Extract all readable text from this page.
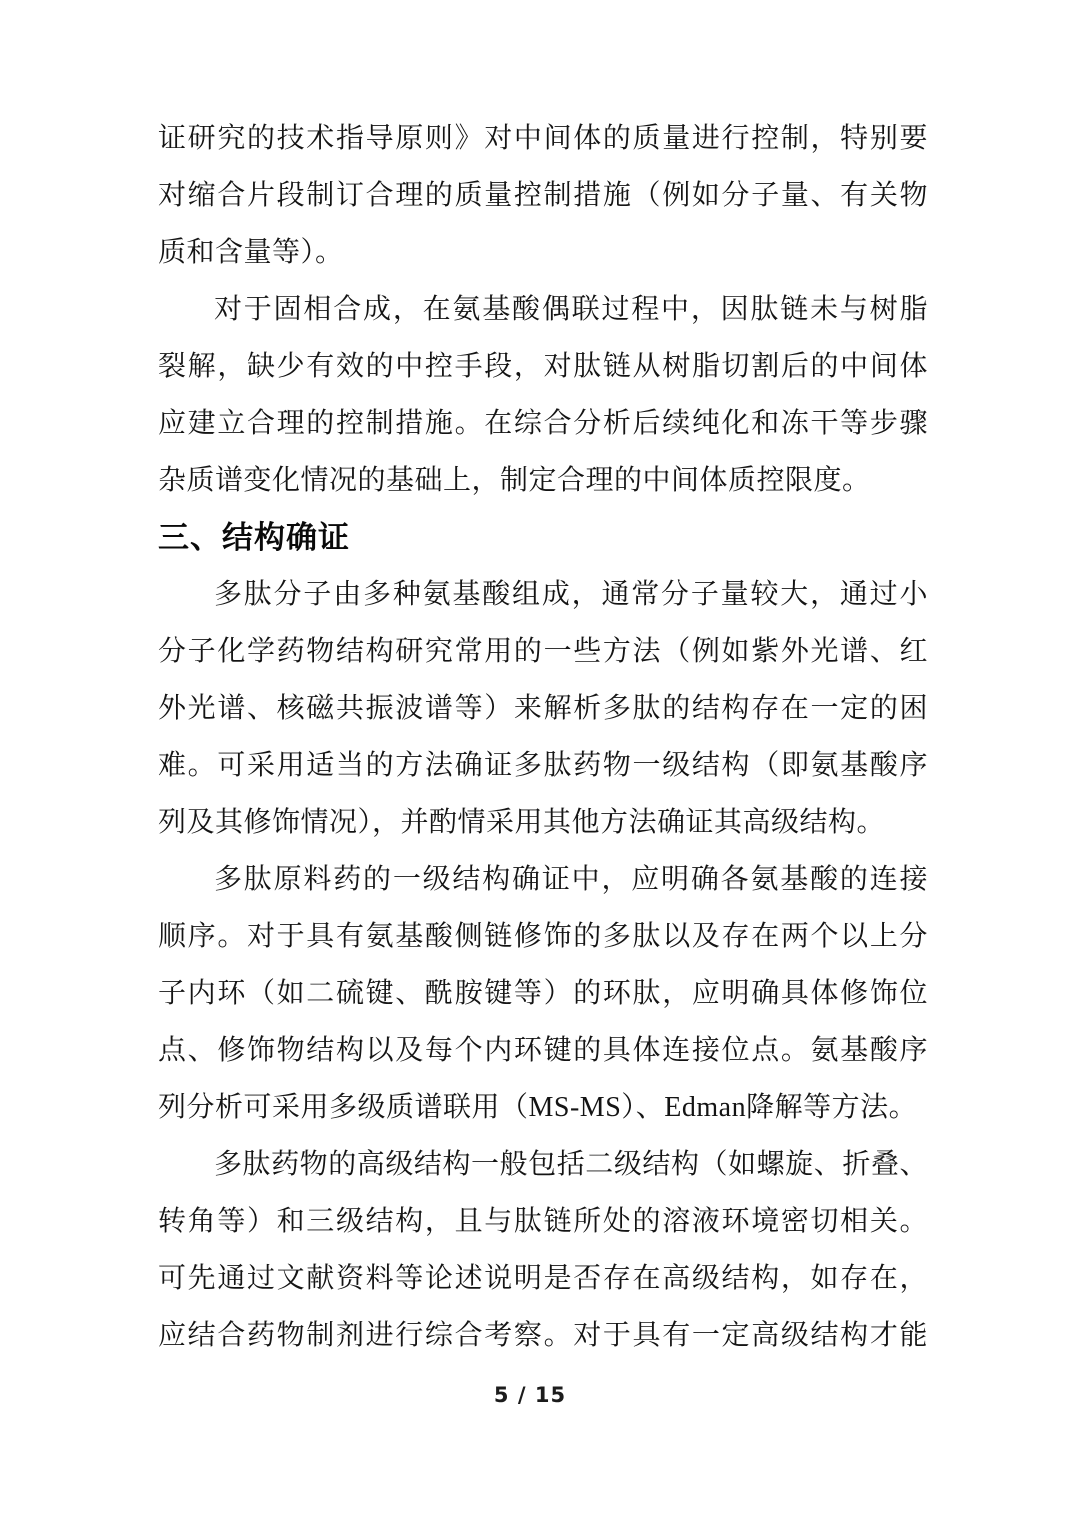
证研究的技术指导原则》对中间体的质量进行控制，特别要
对缩合片段制订合理的质量控制措施（例如分子量、有关物
质和含量等）。
对于固相合成，在氨基酸偶联过程中，因肽链未与树脂
裂解，缺少有效的中控手段，对肽链从树脂切割后的中间体
应建立合理的控制措施。在综合分析后续纯化和冻干等步骤
杂质谱变化情况的基础上，制定合理的中间体质控限度。
三、结构确证
多肽分子由多种氨基酸组成，通常分子量较大，通过小
分子化学药物结构研究常用的一些方法（例如紫外光谱、红
外光谱、核磁共振波谱等）来解析多肽的结构存在一定的困
难。可采用适当的方法确证多肽药物一级结构（即氨基酸序
列及其修饰情况），并酌情采用其他方法确证其高级结构。
多肽原料药的一级结构确证中，应明确各氨基酸的连接
顺序。对于具有氨基酸侧链修饰的多肽以及存在两个以上分
子内环（如二硫键、酰胺键等）的环肽，应明确具体修饰位
点、修饰物结构以及每个内环键的具体连接位点。氨基酸序
列分析可采用多级质谱联用（MS-MS）、Edman降解等方法。
多肽药物的高级结构一般包括二级结构（如螺旋、折叠、
转角等）和三级结构，且与肽链所处的溶液环境密切相关。
可先通过文献资料等论述说明是否存在高级结构，如存在，
应结合药物制剂进行综合考察。对于具有一定高级结构才能
5 / 15
